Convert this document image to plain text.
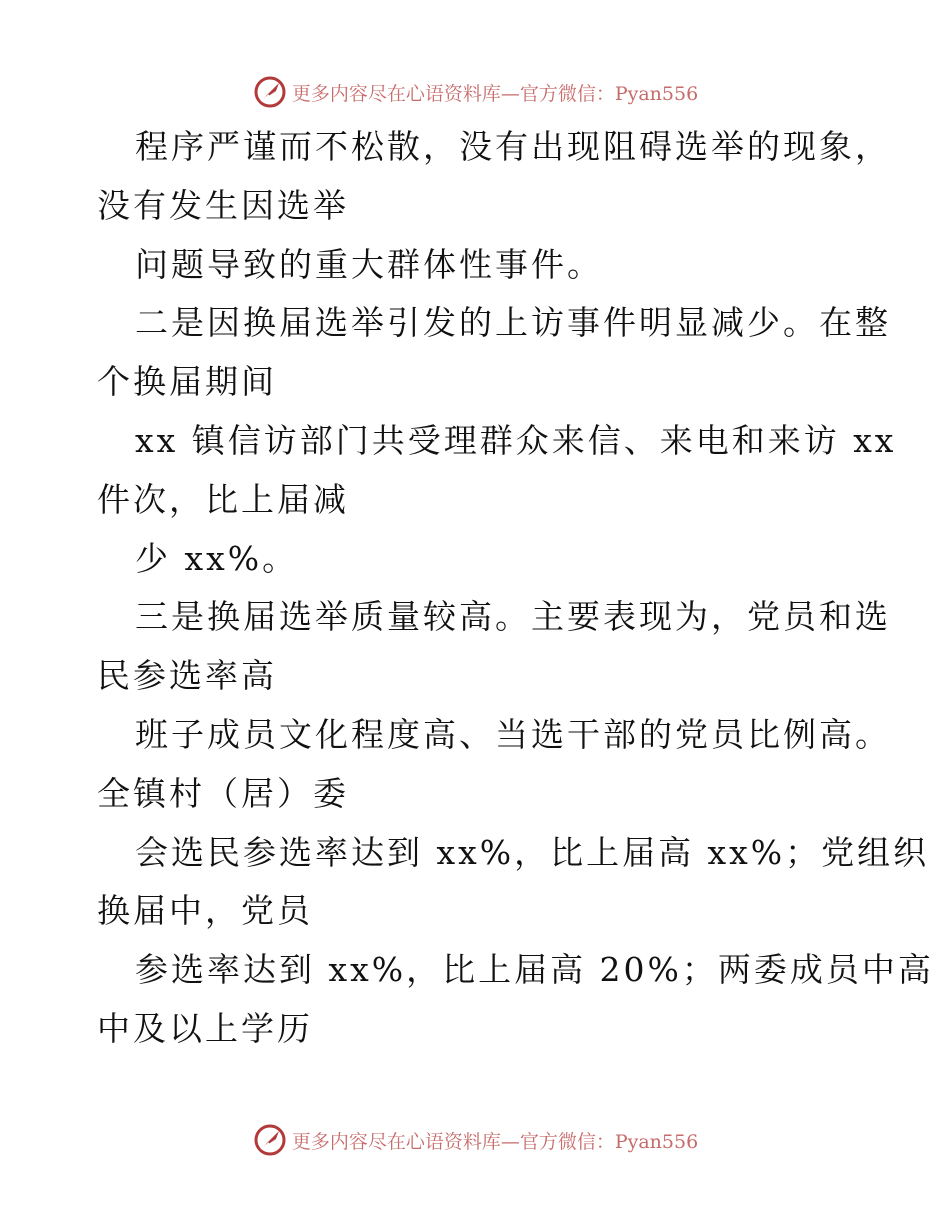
更多内容尽在心语资料库—官方微信：Pyan556
程序严谨而不松散，没有出现阻碍选举的现象，
没有发生因选举
问题导致的重大群体性事件。
二是因换届选举引发的上访事件明显减少。在整
个换届期间
xx 镇信访部门共受理群众来信、来电和来访 xx
件次，比上届减
少 xx%。
三是换届选举质量较高。主要表现为，党员和选
民参选率高
班子成员文化程度高、当选干部的党员比例高。
全镇村（居）委
会选民参选率达到 xx%，比上届高 xx%；党组织
换届中，党员
参选率达到 xx%，比上届高 20%；两委成员中高
中及以上学历
更多内容尽在心语资料库—官方微信：Pyan556
